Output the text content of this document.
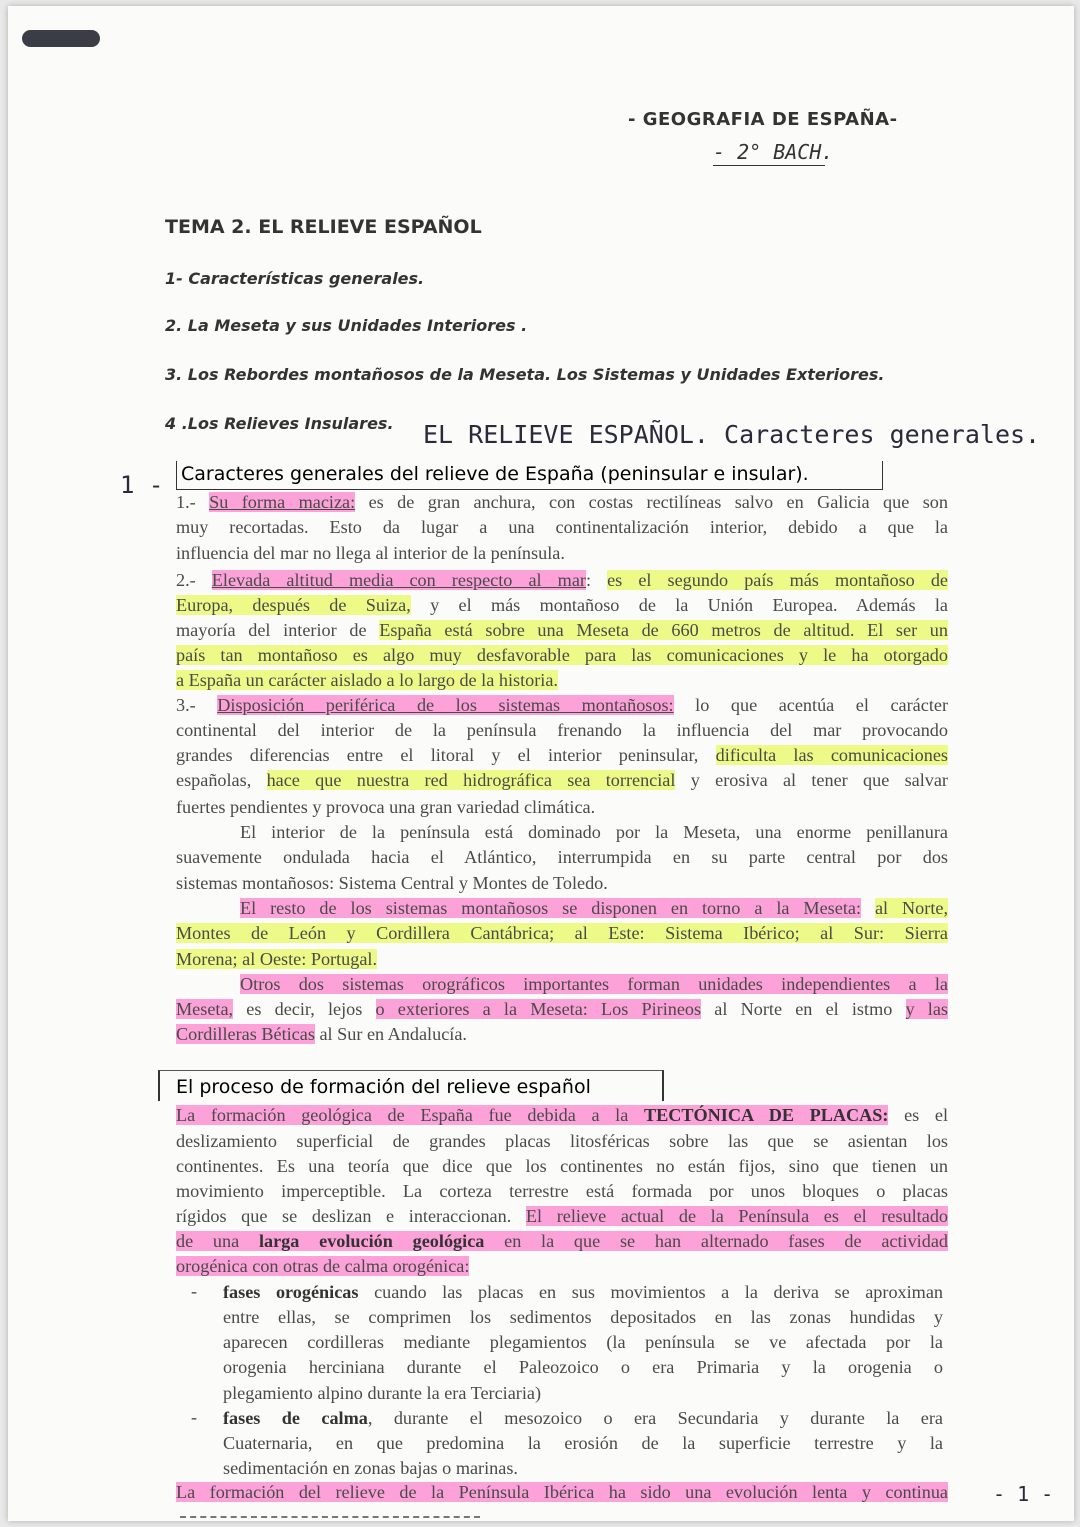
- GEOGRAFIA DE ESPAÑA-
- 2° BACH.
TEMA 2. EL RELIEVE ESPAÑOL
1- Características generales.
2. La Meseta y sus Unidades Interiores .
3. Los Rebordes montañosos de la Meseta. Los Sistemas y Unidades Exteriores.
4 .Los Relieves Insulares. EL RELIEVE ESPAÑOL. Caracteres generales.
1 - Caracteres generales del relieve de España (peninsular e insular).
El proceso de formación del relieve español
1.- Su forma maciza: es de gran anchura, con costas rectilíneas salvo en Galicia que son
muy recortadas. Esto da lugar a una continentalización interior, debido a que la
influencia del mar no llega al interior de la península.
2.- Elevada altitud media con respecto al mar: es el segundo país más montañoso de
Europa, después de Suiza, y el más montañoso de la Unión Europea. Además la
mayoría del interior de España está sobre una Meseta de 660 metros de altitud. El ser un
país tan montañoso es algo muy desfavorable para las comunicaciones y le ha otorgado
a España un carácter aislado a lo largo de la historia.
3.- Disposición periférica de los sistemas montañosos: lo que acentúa el carácter
continental del interior de la península frenando la influencia del mar provocando
grandes diferencias entre el litoral y el interior peninsular, dificulta las comunicaciones
españolas, hace que nuestra red hidrográfica sea torrencial y erosiva al tener que salvar
fuertes pendientes y provoca una gran variedad climática.
El interior de la península está dominado por la Meseta, una enorme penillanura
suavemente ondulada hacia el Atlántico, interrumpida en su parte central por dos
sistemas montañosos: Sistema Central y Montes de Toledo.
El resto de los sistemas montañosos se disponen en torno a la Meseta: al Norte,
Montes de León y Cordillera Cantábrica; al Este: Sistema Ibérico; al Sur: Sierra
Morena; al Oeste: Portugal.
Otros dos sistemas orográficos importantes forman unidades independientes a la
Meseta, es decir, lejos o exteriores a la Meseta: Los Pirineos al Norte en el istmo y las
Cordilleras Béticas al Sur en Andalucía.
La formación geológica de España fue debida a la TECTÓNICA DE PLACAS: es el
deslizamiento superficial de grandes placas litosféricas sobre las que se asientan los
continentes. Es una teoría que dice que los continentes no están fijos, sino que tienen un
movimiento imperceptible. La corteza terrestre está formada por unos bloques o placas
rígidos que se deslizan e interaccionan. El relieve actual de la Península es el resultado
de una larga evolución geológica en la que se han alternado fases de actividad
orogénica con otras de calma orogénica:
fases orogénicas cuando las placas en sus movimientos a la deriva se aproximan
-
entre ellas, se comprimen los sedimentos depositados en las zonas hundidas y
aparecen cordilleras mediante plegamientos (la península se ve afectada por la
orogenia herciniana durante el Paleozoico o era Primaria y la orogenia o
plegamiento alpino durante la era Terciaria)
fases de calma, durante el mesozoico o era Secundaria y durante la era
-
Cuaternaria, en que predomina la erosión de la superficie terrestre y la
sedimentación en zonas bajas o marinas.
La formación del relieve de la Península Ibérica ha sido una evolución lenta y continua - 1 -
